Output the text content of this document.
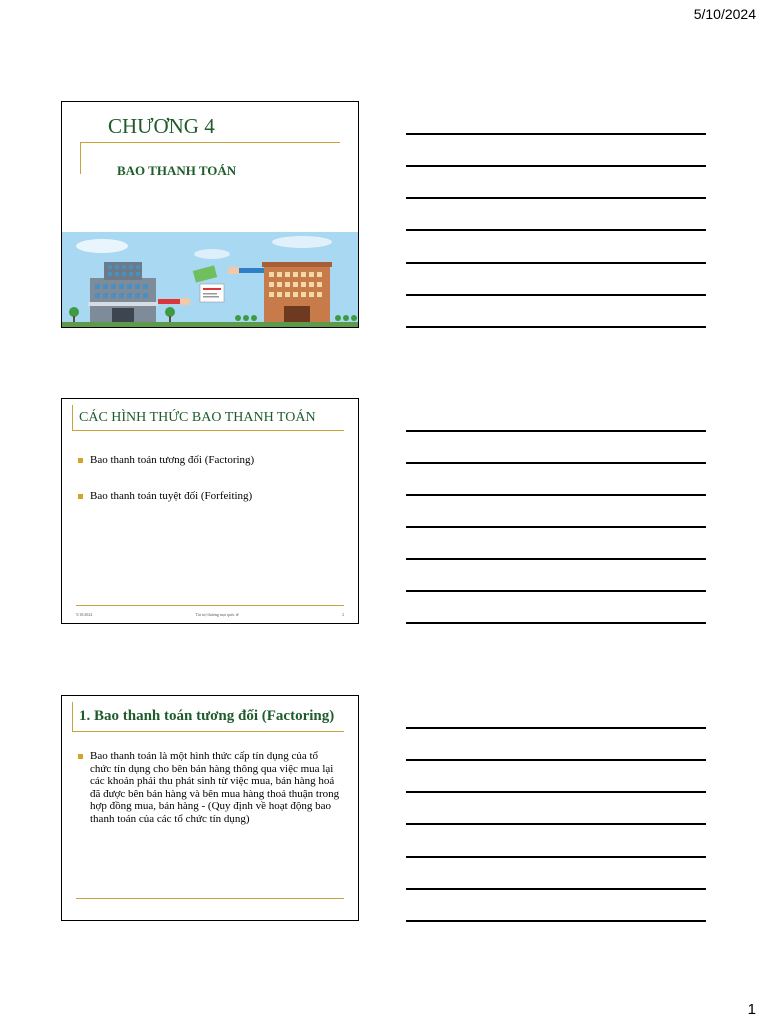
5/10/2024
CHƯƠNG 4
BAO THANH TOÁN
CÁC HÌNH THỨC BAO THANH TOÁN
Bao thanh toán tương đối (Factoring)
Bao thanh toán tuyệt đối (Forfeiting)
5/10/2024	Tài trợ thương mại quốc tế	2
1. Bao thanh toán tương đối (Factoring)
Bao thanh toán là một hình thức cấp tín dụng của tổ chức tín dụng cho bên bán hàng thông qua việc mua lại các khoản phải thu phát sinh từ việc mua, bán hàng hoá đã được bên bán hàng và bên mua hàng thoả thuận trong hợp đồng mua, bán hàng - (Quy định về hoạt động bao thanh toán của các tổ chức tín dụng)
1
